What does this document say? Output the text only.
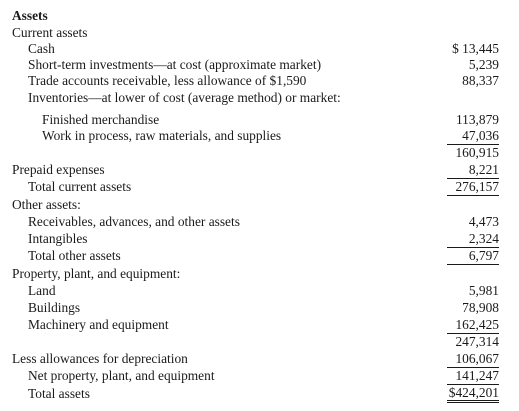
Assets
Current assets
Cash	$ 13,445
Short-term investments—at cost (approximate market)	5,239
Trade accounts receivable, less allowance of $1,590	88,337
Inventories—at lower of cost (average method) or market:
Finished merchandise	113,879
Work in process, raw materials, and supplies	47,036
160,915
Prepaid expenses	8,221
Total current assets	276,157
Other assets:
Receivables, advances, and other assets	4,473
Intangibles	2,324
Total other assets	6,797
Property, plant, and equipment:
Land	5,981
Buildings	78,908
Machinery and equipment	162,425
247,314
Less allowances for depreciation	106,067
Net property, plant, and equipment	141,247
Total assets	$424,201
